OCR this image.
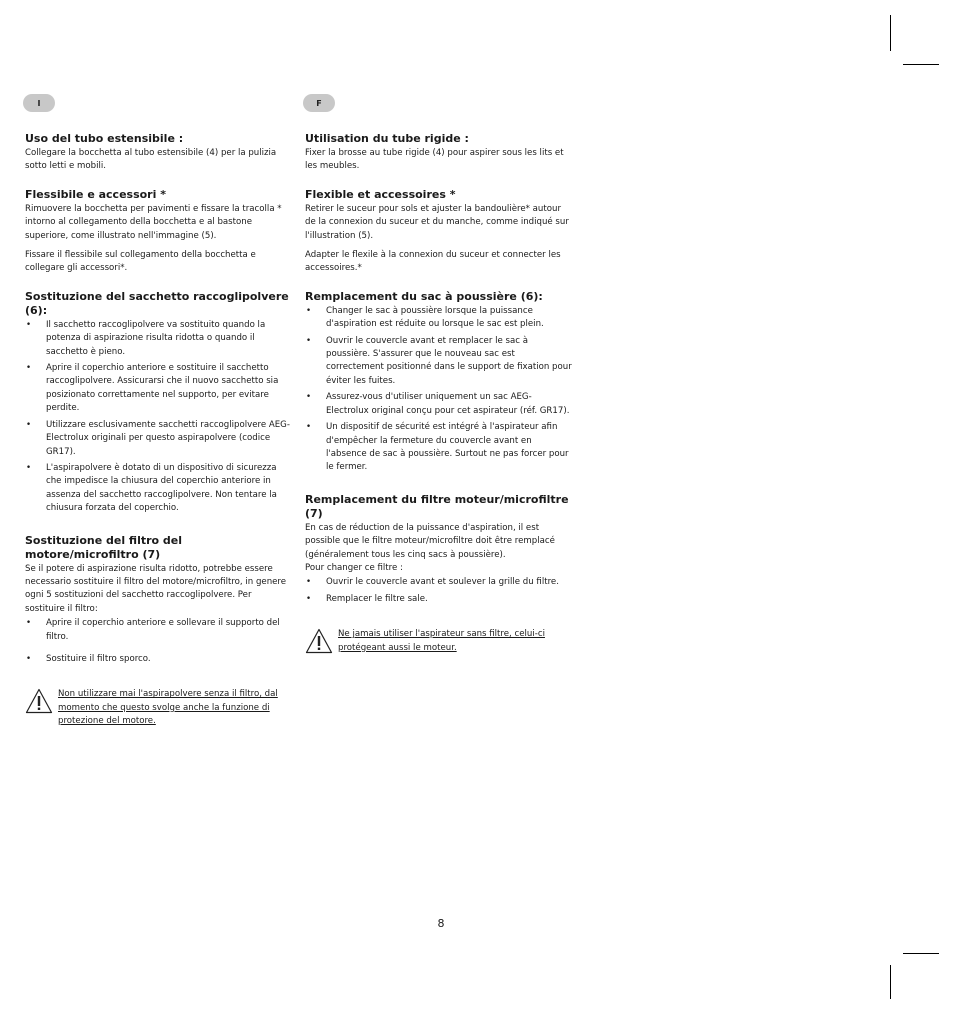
I
Uso del tubo estensibile :

Collegare la bocchetta al tubo estensibile (4) per la pulizia sotto letti e mobili.

Flessibile e accessori *

Rimuovere la bocchetta per pavimenti e fissare la tracolla * intorno al collegamento della bocchetta e al bastone superiore, come illustrato nell'immagine (5).

Fissare il flessibile sul collegamento della bocchetta e collegare gli accessori*.

Sostituzione del sacchetto raccoglipolvere (6):
• Il sacchetto raccoglipolvere va sostituito quando la potenza di aspirazione risulta ridotta o quando il sacchetto è pieno.
• Aprire il coperchio anteriore e sostituire il sacchetto raccoglipolvere. Assicurarsi che il nuovo sacchetto sia posizionato correttamente nel supporto, per evitare perdite.
• Utilizzare esclusivamente sacchetti raccoglipolvere AEG-Electrolux originali per questo aspirapolvere (codice GR17).
• L'aspirapolvere è dotato di un dispositivo di sicurezza che impedisce la chiusura del coperchio anteriore in assenza del sacchetto raccoglipolvere. Non tentare la chiusura forzata del coperchio.
Sostituzione del filtro del motore/microfiltro (7)

Se il potere di aspirazione risulta ridotto, potrebbe essere necessario sostituire il filtro del motore/microfiltro, in genere ogni 5 sostituzioni del sacchetto raccoglipolvere. Per sostituire il filtro:

• Aprire il coperchio anteriore e sollevare il supporto del filtro.
• Sostituire il filtro sporco.

Non utilizzare mai l'aspirapolvere senza il filtro, dal momento che questo svolge anche la funzione di protezione del motore.

F
Utilisation du tube rigide :

Fixer la brosse au tube rigide (4) pour aspirer sous les lits et les meubles.

Flexible et accessoires *

Retirer le suceur pour sols et ajuster la bandoulière* autour de la connexion du suceur et du manche, comme indiqué sur l'illustration (5).

Adapter le flexile à la connexion du suceur et connecter les accessoires.*

Remplacement du sac à poussière (6):
• Changer le sac à poussière lorsque la puissance d'aspiration est réduite ou lorsque le sac est plein.
• Ouvrir le couvercle avant et remplacer le sac à poussière. S'assurer que le nouveau sac est correctement positionné dans le support de fixation pour éviter les fuites.
• Assurez-vous d'utiliser uniquement un sac AEG-Electrolux original conçu pour cet aspirateur (réf. GR17).
• Un dispositif de sécurité est intégré à l'aspirateur afin d'empêcher la fermeture du couvercle avant en l'absence de sac à poussière. Surtout ne pas forcer pour le fermer.
Remplacement du filtre moteur/microfiltre (7)

En cas de réduction de la puissance d'aspiration, il est possible que le filtre moteur/microfiltre doit être remplacé (généralement tous les cinq sacs à poussière).

Pour changer ce filtre :

• Ouvrir le couvercle avant et soulever la grille du filtre.
• Remplacer le filtre sale.

Ne jamais utiliser l'aspirateur sans filtre, celui-ci protégeant aussi le moteur.

8
